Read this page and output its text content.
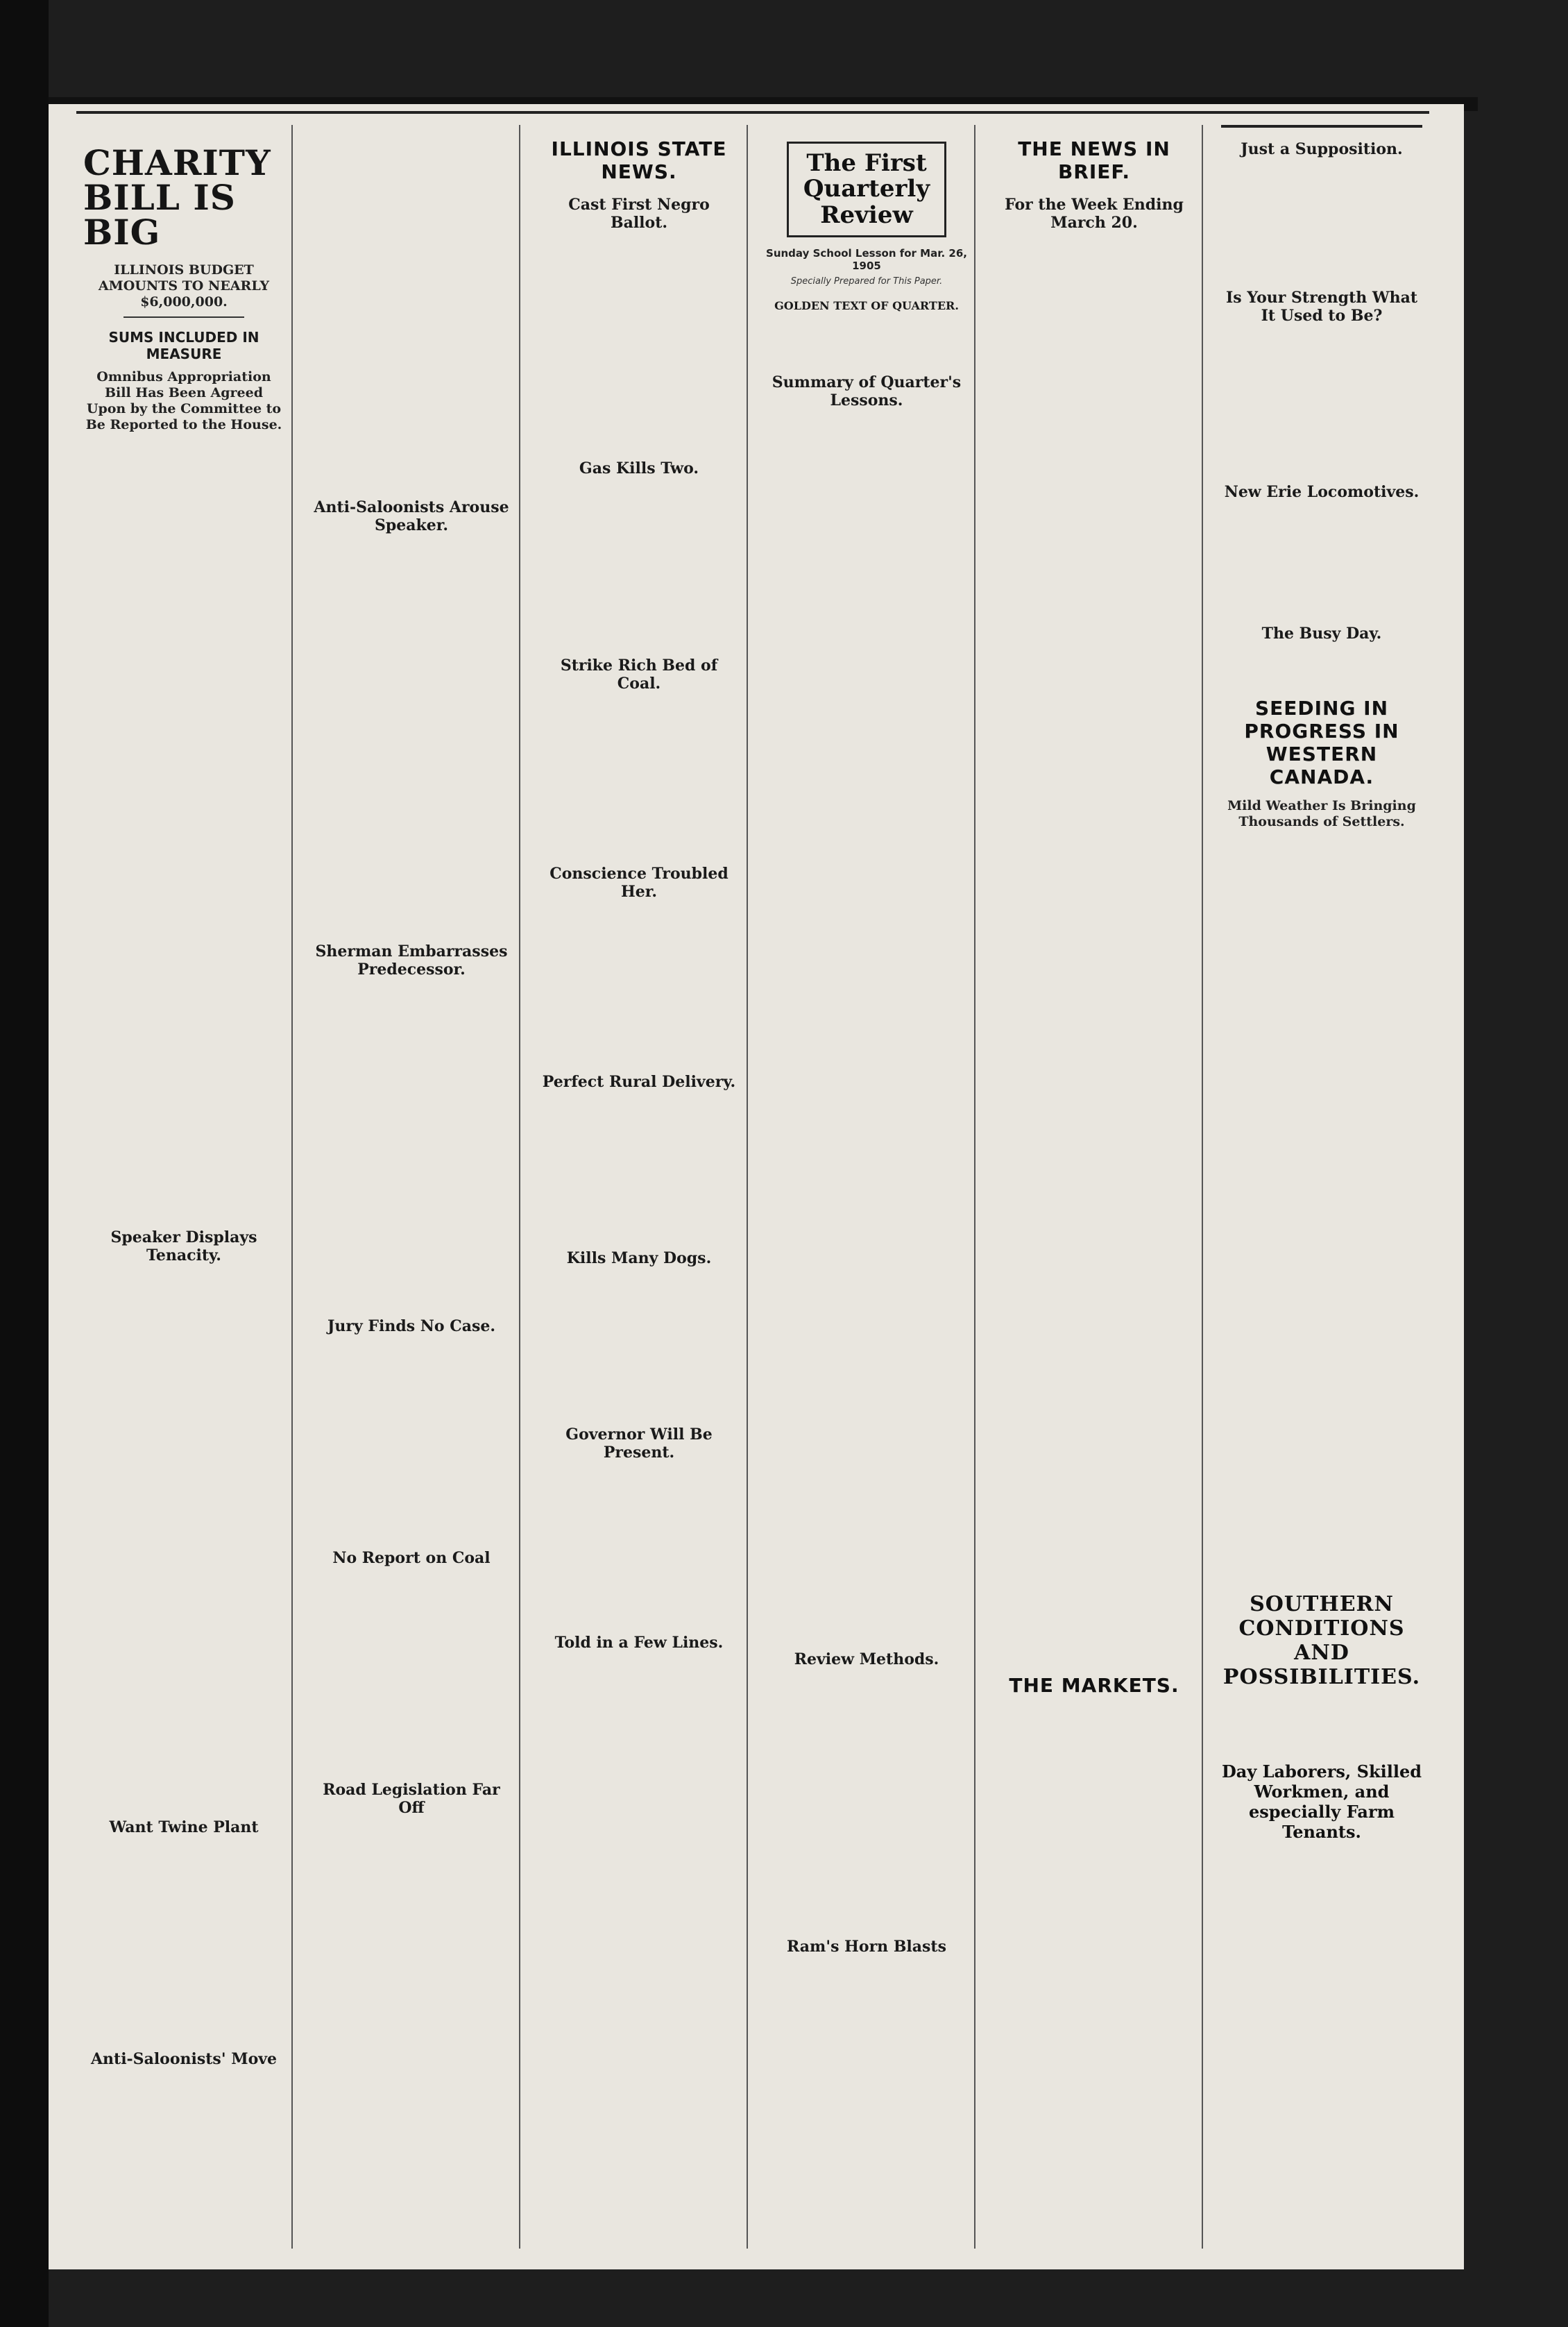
CHARITY BILL IS BIG
ILLINOIS BUDGET AMOUNTS TO NEARLY $6,000,000.
SUMS INCLUDED IN MEASURE
Omnibus Appropriation Bill Has Been Agreed Upon by the Committee to Be Reported to the House.
Speaker Displays Tenacity.
Want Twine Plant
Anti-Saloonists' Move
Anti-Saloonists Arouse Speaker.
Sherman Embarrasses Predecessor.
Jury Finds No Case.
No Report on Coal
Road Legislation Far Off
ILLINOIS STATE NEWS.
Cast First Negro Ballot.
Gas Kills Two.
Strike Rich Bed of Coal.
Conscience Troubled Her.
Perfect Rural Delivery.
Kills Many Dogs.
Governor Will Be Present.
Told in a Few Lines.
The First Quarterly Review
Sunday School Lesson for Mar. 26, 1905
Specially Prepared for This Paper.
GOLDEN TEXT OF QUARTER.
Summary of Quarter's Lessons.
Review Methods.
Ram's Horn Blasts
THE NEWS IN BRIEF.
For the Week Ending March 20.
THE MARKETS.
Just a Supposition.
Is Your Strength What It Used to Be?
New Erie Locomotives.
The Busy Day.
SEEDING IN PROGRESS IN WESTERN CANADA.
Mild Weather Is Bringing Thousands of Settlers.
SOUTHERN CONDITIONS AND POSSIBILITIES.
Day Laborers, Skilled Workmen, and especially Farm Tenants.
